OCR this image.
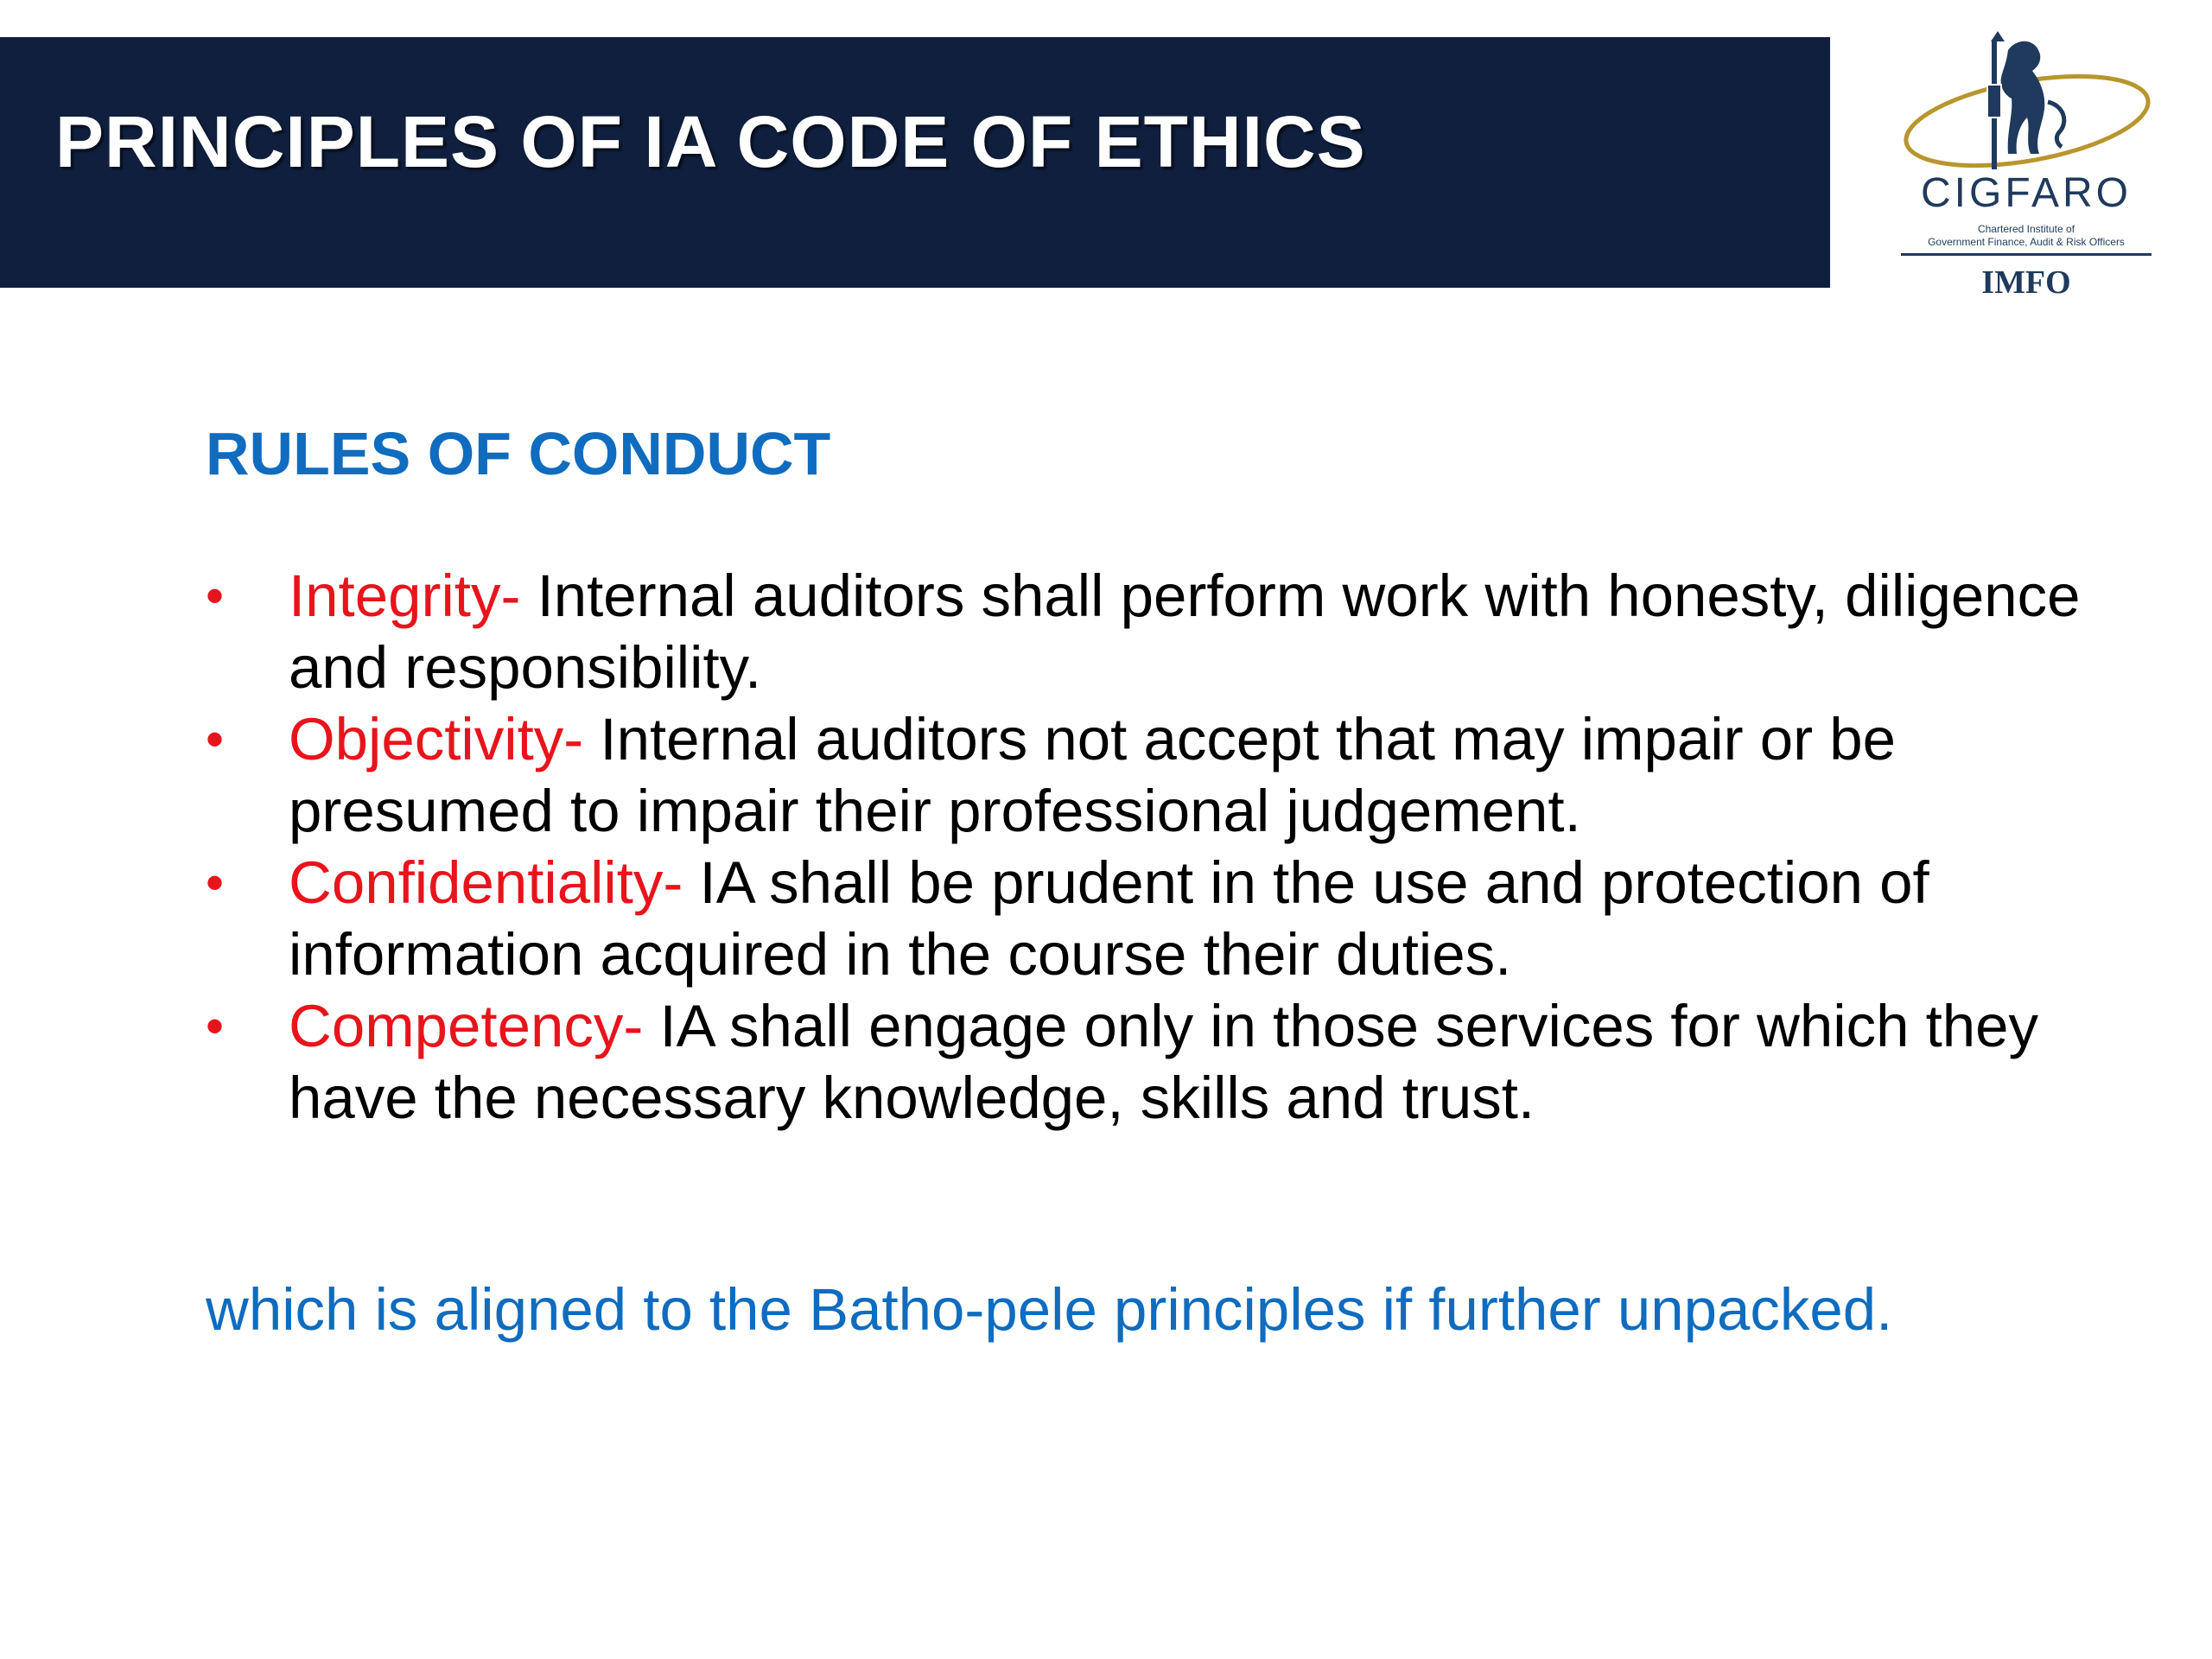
PRINCIPLES OF IA CODE OF ETHICS
CIGFARO
Chartered Institute of
Government Finance, Audit & Risk Officers
IMFO
RULES OF CONDUCT
• Integrity- Internal auditors shall perform work with honesty, diligence and responsibility.
• Objectivity- Internal auditors not accept that may impair or be presumed to impair their professional judgement.
• Confidentiality- IA shall be prudent in the use and protection of information acquired in the course their duties.
• Competency- IA shall engage only in those services for which they have the necessary knowledge, skills and trust.
which is aligned to the Batho-pele principles if further unpacked.
